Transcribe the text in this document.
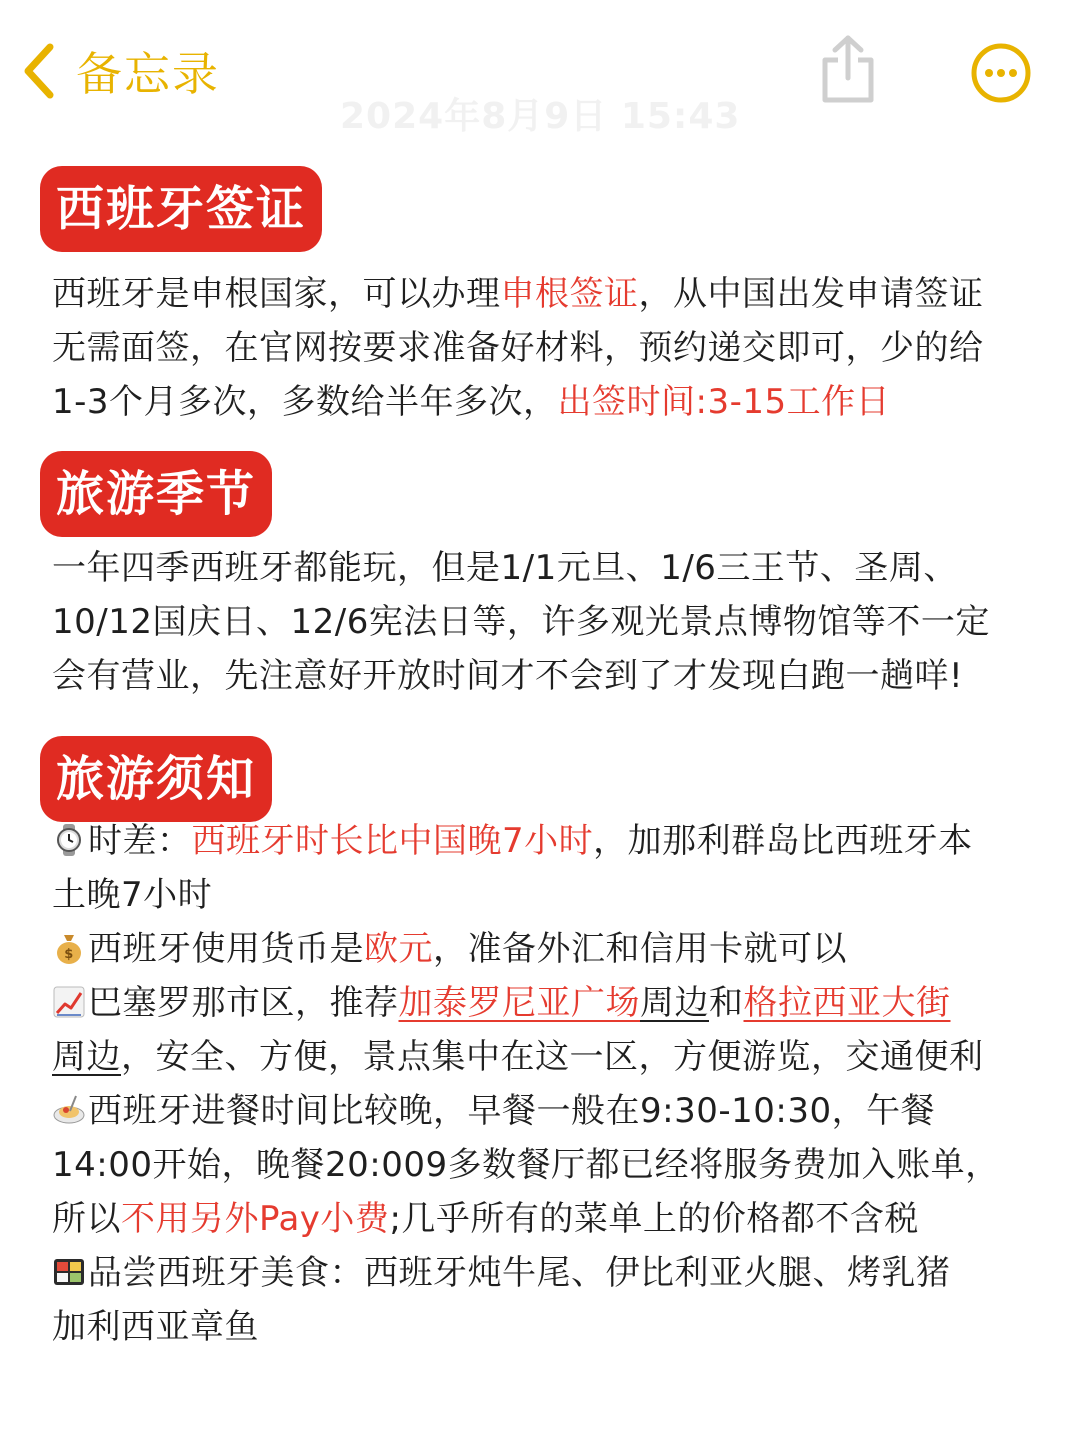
备忘录
2024年8月9日 15:43
西班牙签证
西班牙是申根国家，可以办理申根签证，从中国出发申请签证
无需面签，在官网按要求准备好材料，预约递交即可，少的给
1-3个月多次，多数给半年多次，出签时间:3-15工作日
旅游季节
一年四季西班牙都能玩，但是1/1元旦、1/6三王节、圣周、
10/12国庆日、12/6宪法日等，许多观光景点博物馆等不一定
会有营业，先注意好开放时间才不会到了才发现白跑一趟咩!
旅游须知
时差：西班牙时长比中国晚7小时，加那利群岛比西班牙本
土晚7小时
$ 西班牙使用货币是欧元，准备外汇和信用卡就可以
巴塞罗那市区，推荐加泰罗尼亚广场周边和格拉西亚大街
周边，安全、方便，景点集中在这一区，方便游览，交通便利
西班牙进餐时间比较晚，早餐一般在9:30-10:30，午餐
14:00开始，晚餐20:009多数餐厅都已经将服务费加入账单，
所以不用另外Pay小费;几乎所有的菜单上的价格都不含税
品尝西班牙美食：西班牙炖牛尾、伊比利亚火腿、烤乳猪
加利西亚章鱼
